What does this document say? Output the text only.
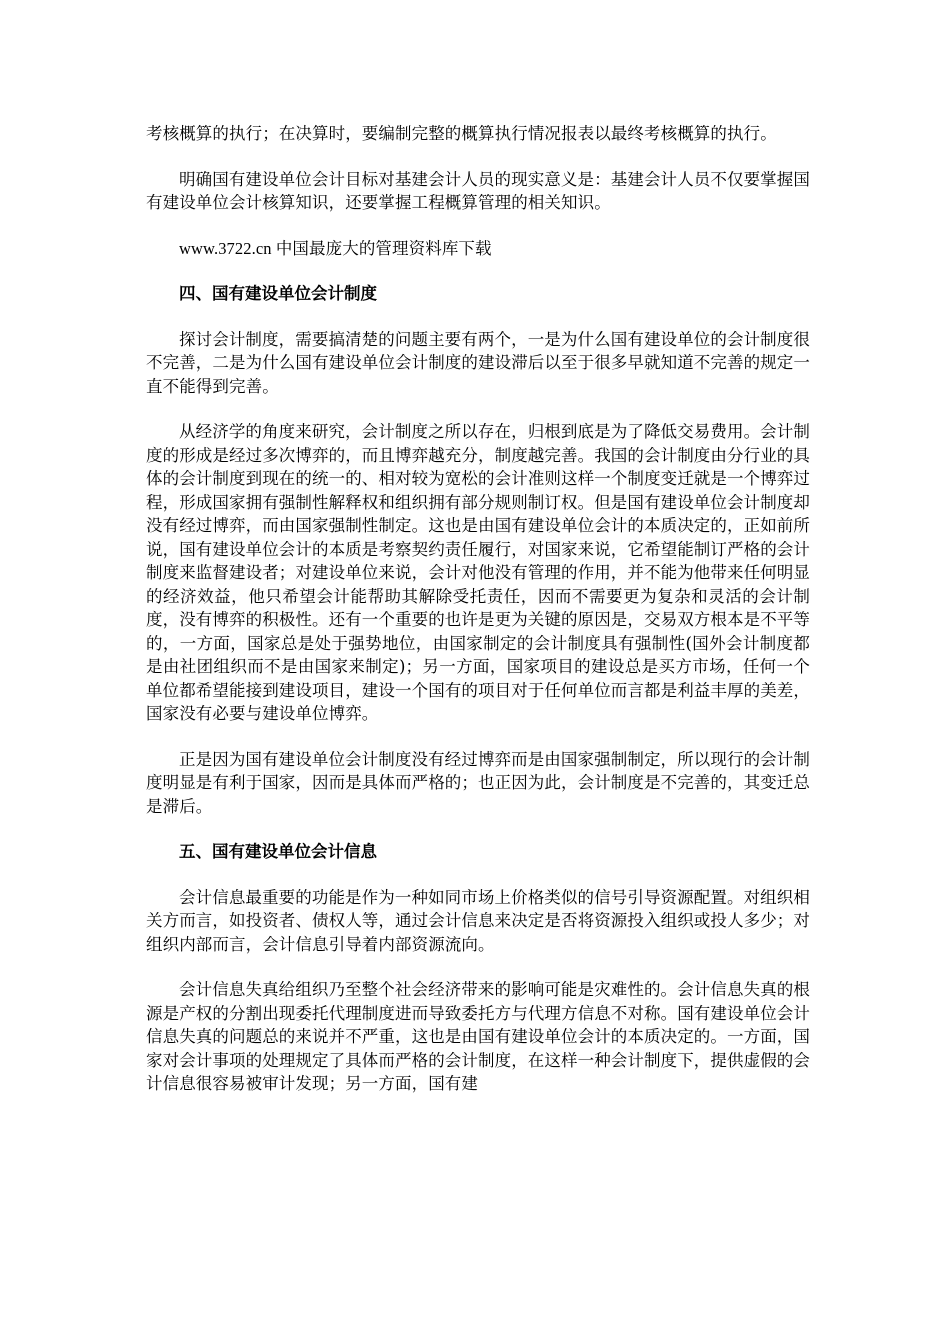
考核概算的执行；在决算时，要编制完整的概算执行情况报表以最终考核概算的执行。

明确国有建设单位会计目标对基建会计人员的现实意义是：基建会计人员不仅要掌握国有建设单位会计核算知识，还要掌握工程概算管理的相关知识。

www.3722.cn 中国最庞大的管理资料库下载

四、国有建设单位会计制度

探讨会计制度，需要搞清楚的问题主要有两个，一是为什么国有建设单位的会计制度很不完善，二是为什么国有建设单位会计制度的建设滞后以至于很多早就知道不完善的规定一直不能得到完善。

从经济学的角度来研究，会计制度之所以存在，归根到底是为了降低交易费用。会计制度的形成是经过多次博弈的，而且博弈越充分，制度越完善。我国的会计制度由分行业的具体的会计制度到现在的统一的、相对较为宽松的会计准则这样一个制度变迁就是一个博弈过程，形成国家拥有强制性解释权和组织拥有部分规则制订权。但是国有建设单位会计制度却没有经过博弈，而由国家强制性制定。这也是由国有建设单位会计的本质决定的，正如前所说，国有建设单位会计的本质是考察契约责任履行，对国家来说，它希望能制订严格的会计制度来监督建设者；对建设单位来说，会计对他没有管理的作用，并不能为他带来任何明显的经济效益，他只希望会计能帮助其解除受托责任，因而不需要更为复杂和灵活的会计制度，没有博弈的积极性。还有一个重要的也许是更为关键的原因是，交易双方根本是不平等的，一方面，国家总是处于强势地位，由国家制定的会计制度具有强制性(国外会计制度都是由社团组织而不是由国家来制定)；另一方面，国家项目的建设总是买方市场，任何一个单位都希望能接到建设项目，建设一个国有的项目对于任何单位而言都是利益丰厚的美差，国家没有必要与建设单位博弈。

正是因为国有建设单位会计制度没有经过博弈而是由国家强制制定，所以现行的会计制度明显是有利于国家，因而是具体而严格的；也正因为此，会计制度是不完善的，其变迁总是滞后。

五、国有建设单位会计信息

会计信息最重要的功能是作为一种如同市场上价格类似的信号引导资源配置。对组织相关方而言，如投资者、债权人等，通过会计信息来决定是否将资源投入组织或投人多少；对组织内部而言，会计信息引导着内部资源流向。

会计信息失真给组织乃至整个社会经济带来的影响可能是灾难性的。会计信息失真的根源是产权的分割出现委托代理制度进而导致委托方与代理方信息不对称。国有建设单位会计信息失真的问题总的来说并不严重，这也是由国有建设单位会计的本质决定的。一方面，国家对会计事项的处理规定了具体而严格的会计制度，在这样一种会计制度下，提供虚假的会计信息很容易被审计发现；另一方面，国有建
